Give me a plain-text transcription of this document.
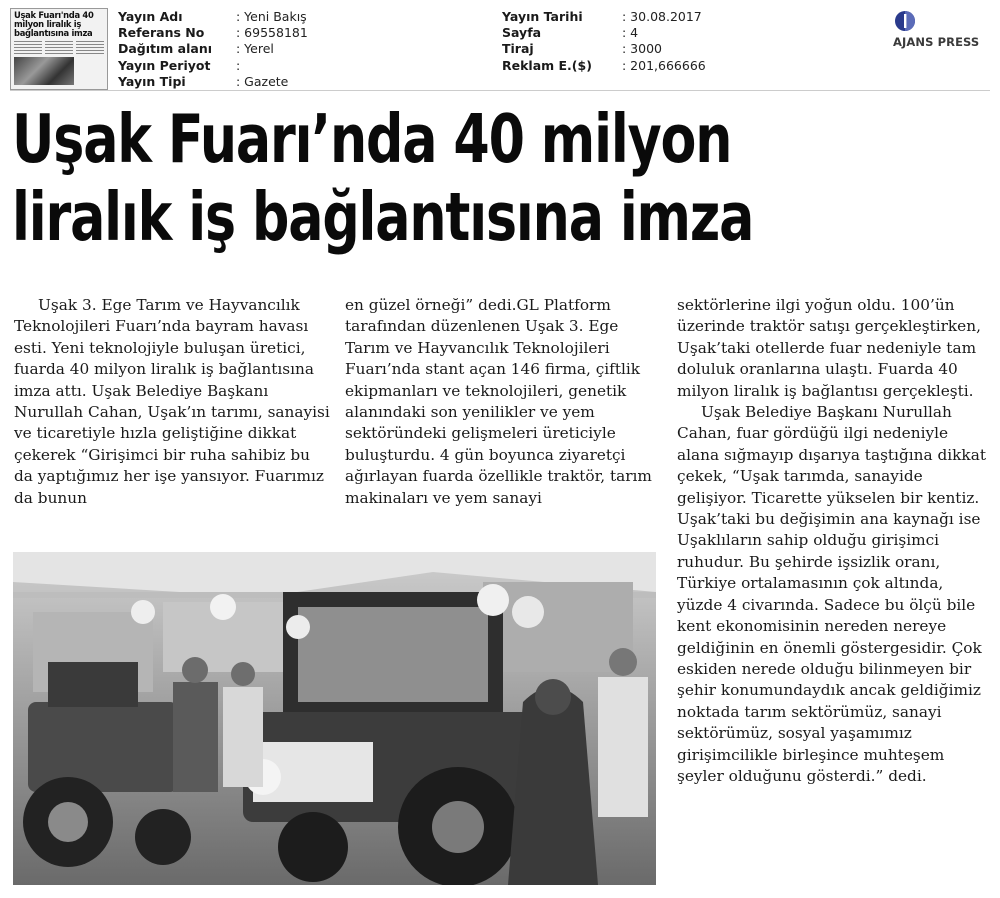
Uşak Fuarı'nda 40 milyon liralık iş bağlantısına imza
Yayın Adı	: Yeni Bakış
Referans No	: 69558181
Dağıtım alanı	: Yerel
Yayın Periyot	:
Yayın Tipi	: Gazete
Yayın Tarihi	: 30.08.2017
Sayfa	: 4
Tiraj	: 3000
Reklam E.($)	: 201,666666
AJANS PRESS
Uşak Fuarı’nda 40 milyon
liralık iş bağlantısına imza

Uşak 3. Ege Tarım ve Hayvancılık Teknolojileri Fuarı’nda bayram havası esti. Yeni teknolojiyle buluşan üretici, fuarda 40 milyon liralık iş bağlantısına imza attı. Uşak Belediye Başkanı Nurullah Cahan, Uşak’ın tarımı, sanayisi ve ticaretiyle hızla geliştiğine dikkat çekerek “Girişimci bir ruha sahibiz bu da yaptığımız her işe yansıyor. Fuarımız da bunun

en güzel örneği” dedi.GL Platform tarafından düzenlenen Uşak 3. Ege Tarım ve Hayvancılık Teknolojileri Fuarı’nda stant açan 146 firma, çiftlik ekipmanları ve teknolojileri, genetik alanındaki son yenilikler ve yem sektöründeki gelişmeleri üreticiyle buluşturdu. 4 gün boyunca ziyaretçi ağırlayan fuarda özellikle traktör, tarım makinaları ve yem sanayi

sektörlerine ilgi yoğun oldu. 100’ün üzerinde traktör satışı gerçekleştirken, Uşak’taki otellerde fuar nedeniyle tam doluluk oranlarına ulaştı. Fuarda 40 milyon liralık iş bağlantısı gerçekleşti.

Uşak Belediye Başkanı Nurullah Cahan, fuar gördüğü ilgi nedeniyle alana sığmayıp dışarıya taştığına dikkat çekek, “Uşak tarımda, sanayide gelişiyor. Ticarette yükselen bir kentiz. Uşak’taki bu değişimin ana kaynağı ise Uşaklıların sahip olduğu girişimci ruhudur. Bu şehirde işsizlik oranı, Türkiye ortalamasının çok altında, yüzde 4 civarında. Sadece bu ölçü bile kent ekonomisinin nereden nereye geldiğinin en önemli göstergesidir. Çok eskiden nerede olduğu bilinmeyen bir şehir konumundaydık ancak geldiğimiz noktada tarım sektörümüz, sanayi sektörümüz, sosyal yaşamımız girişimcilikle birleşince muhteşem şeyler olduğunu gösterdi.” dedi.
